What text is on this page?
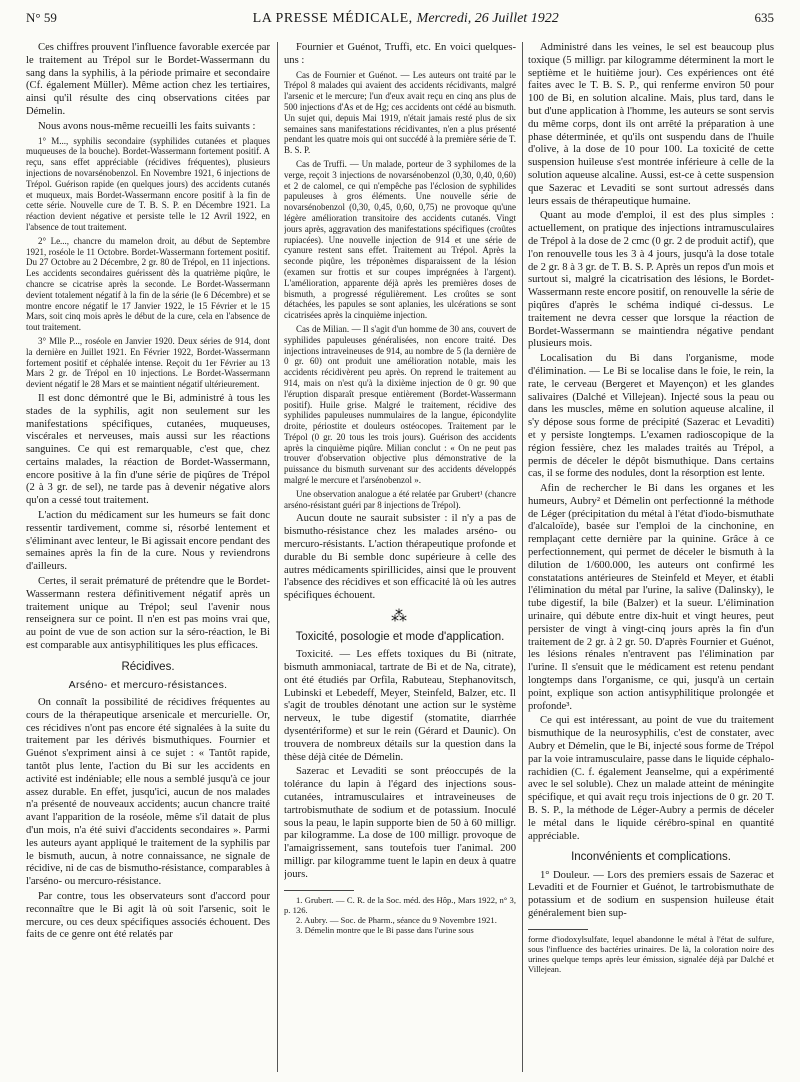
N° 59	LA PRESSE MÉDICALE, Mercredi, 26 Juillet 1922	635

Ces chiffres prouvent l'influence favorable exercée par le traitement au Trépol sur le Bordet-Wassermann du sang dans la syphilis, à la période primaire et secondaire (Cf. également Müller). Même action chez les tertiaires, ainsi qu'il résulte des cinq observations citées par Démelin.

Nous avons nous-même recueilli les faits suivants :

1° M..., syphilis secondaire (syphilides cutanées et plaques muqueuses de la bouche). Bordet-Wassermann fortement positif. A reçu, sans effet appréciable (récidives fréquentes), plusieurs injections de novarsénobenzol. En Novembre 1921, 6 injections de Trépol. Guérison rapide (en quelques jours) des accidents cutanés et muqueux, mais Bordet-Wassermann encore positif à la fin de cette série. Nouvelle cure de T. B. S. P. en Décembre 1921. La réaction devient négative et persiste telle le 12 Avril 1922, en l'absence de tout traitement.

2° Le..., chancre du mamelon droit, au début de Septembre 1921, roséole le 11 Octobre. Bordet-Wassermann fortement positif. Du 27 Octobre au 2 Décembre, 2 gr. 80 de Trépol, en 11 injections. Les accidents secondaires guérissent dès la quatrième piqûre, le chancre se cicatrise après la seconde. Le Bordet-Wassermann devient totalement négatif à la fin de la série (le 6 Décembre) et se montre encore négatif le 17 Janvier 1922, le 15 Février et le 15 Mars, soit cinq mois après le début de la cure, cela en l'absence de tout traitement.

3° Mlle P..., roséole en Janvier 1920. Deux séries de 914, dont la dernière en Juillet 1921. En Février 1922, Bordet-Wassermann fortement positif et céphalée intense. Reçoit du 1er Février au 13 Mars 2 gr. de Trépol en 10 injections. Le Bordet-Wassermann devient négatif le 28 Mars et se maintient négatif ultérieurement.

Il est donc démontré que le Bi, administré à tous les stades de la syphilis, agit non seulement sur les manifestations spécifiques, cutanées, muqueuses, viscérales et nerveuses, mais aussi sur les réactions sanguines. Ce qui est remarquable, c'est que, chez certains malades, la réaction de Bordet-Wassermann, encore positive à la fin d'une série de piqûres de Trépol (2 à 3 gr. de sel), ne tarde pas à devenir négative alors qu'on a cessé tout traitement.

L'action du médicament sur les humeurs se fait donc ressentir tardivement, comme si, résorbé lentement et s'éliminant avec lenteur, le Bi agissait encore pendant des semaines après la fin de la cure. Nous y reviendrons d'ailleurs.

Certes, il serait prématuré de prétendre que le Bordet-Wassermann restera définitivement négatif après un traitement unique au Trépol; seul l'avenir nous renseignera sur ce point. Il n'en est pas moins vrai que, au point de vue de son action sur la séro-réaction, le Bi est comparable aux antisyphilitiques les plus efficaces.

Récidives.
Arséno- et mercuro-résistances.

On connaît la possibilité de récidives fréquentes au cours de la thérapeutique arsenicale et mercurielle. Or, ces récidives n'ont pas encore été signalées à la suite du traitement par les dérivés bismuthiques. Fournier et Guénot s'expriment ainsi à ce sujet : « Tantôt rapide, tantôt plus lente, l'action du Bi sur les accidents en activité est indéniable; elle nous a semblé jusqu'à ce jour assez durable. En effet, jusqu'ici, aucun de nos malades n'a présenté de nouveaux accidents; aucun chancre traité avant l'apparition de la roséole, même s'il datait de plus d'un mois, n'a été suivi d'accidents secondaires ». Parmi les auteurs ayant appliqué le traitement de la syphilis par le bismuth, aucun, à notre connaissance, ne signale de récidive, ni de cas de bismutho-résistance, comparables à l'arséno- ou mercuro-résistance.

Par contre, tous les observateurs sont d'accord pour reconnaître que le Bi agit là où soit l'arsenic, soit le mercure, ou ces deux spécifiques associés échouent. Des faits de ce genre ont été relatés par

Fournier et Guénot, Truffi, etc. En voici quelques-uns :

Cas de Fournier et Guénot. — Les auteurs ont traité par le Trépol 8 malades qui avaient des accidents récidivants, malgré l'arsenic et le mercure; l'un d'eux avait reçu en cinq ans plus de 500 injections d'As et de Hg; ces accidents ont cédé au bismuth. Un sujet qui, depuis Mai 1919, n'était jamais resté plus de six semaines sans manifestations récidivantes, n'en a plus présenté pendant les quatre mois qui ont succédé à la première série de T. B. S. P.

Cas de Truffi. — Un malade, porteur de 3 syphilomes de la verge, reçoit 3 injections de novarsénobenzol (0,30, 0,40, 0,60) et 2 de calomel, ce qui n'empêche pas l'éclosion de syphilides papuleuses à gros éléments. Une nouvelle série de novarsénobenzol (0,30, 0,45, 0,60, 0,75) ne provoque qu'une légère amélioration transitoire des accidents cutanés. Vingt jours après, aggravation des manifestations spécifiques (croûtes rupiacées). Une nouvelle injection de 914 et une série de cyanure restent sans effet. Traitement au Trépol. Après la seconde piqûre, les tréponèmes disparaissent de la lésion (examen sur frottis et sur coupes imprégnées à l'argent). L'amélioration, apparente déjà après les premières doses de bismuth, a progressé régulièrement. Les croûtes se sont détachées, les papules se sont aplanies, les ulcérations se sont cicatrisées après la cinquième injection.

Cas de Milian. — Il s'agit d'un homme de 30 ans, couvert de syphilides papuleuses généralisées, non encore traité. Des injections intraveineuses de 914, au nombre de 5 (la dernière de 0 gr. 60) ont produit une amélioration notable, mais les accidents récidivèrent peu après. On reprend le traitement au 914, mais on n'est qu'à la dixième injection de 0 gr. 90 que l'éruption disparaît presque entièrement (Bordet-Wassermann positif). Huile grise. Malgré le traitement, récidive des syphilides papuleuses nummulaires de la langue, épicondylite droite, périostite et douleurs ostéocopes. Traitement par le Trépol (0 gr. 20 tous les trois jours). Guérison des accidents après la cinquième piqûre. Milian conclut : « On ne peut pas trouver d'observation objective plus démonstrative de la puissance du bismuth survenant sur des accidents développés malgré le mercure et l'arsénobenzol ».

Une observation analogue a été relatée par Grubert¹ (chancre arséno-résistant guéri par 8 injections de Trépol).

Aucun doute ne saurait subsister : il n'y a pas de bismutho-résistance chez les malades arséno- ou mercuro-résistants. L'action thérapeutique profonde et durable du Bi semble donc supérieure à celle des autres médicaments spirillicides, ainsi que le prouvent l'absence des récidives et son efficacité là où les autres spécifiques échouent.

⁂
Toxicité, posologie et mode d'application.

Toxicité. — Les effets toxiques du Bi (nitrate, bismuth ammoniacal, tartrate de Bi et de Na, citrate), ont été étudiés par Orfila, Rabuteau, Stephanovitsch, Lubinski et Lebedeff, Meyer, Steinfeld, Balzer, etc. Il s'agit de troubles dénotant une action sur le système nerveux, le tube digestif (stomatite, diarrhée dysentériforme) et sur le rein (Gérard et Daunic). On trouvera de nombreux détails sur la question dans la thèse déjà citée de Démelin.

Sazerac et Levaditi se sont préoccupés de la tolérance du lapin à l'égard des injections sous-cutanées, intramusculaires et intraveineuses de tartrobismuthate de sodium et de potassium. Inoculé sous la peau, le lapin supporte bien de 50 à 60 milligr. par kilogramme. La dose de 100 milligr. provoque de l'amaigrissement, sans toutefois tuer l'animal. 200 milligr. par kilogramme tuent le lapin en deux à quatre jours.

1. Grubert. — C. R. de la Soc. méd. des Hôp., Mars 1922, n° 3, p. 126.

2. Aubry. — Soc. de Pharm., séance du 9 Novembre 1921.

3. Démelin montre que le Bi passe dans l'urine sous

Administré dans les veines, le sel est beaucoup plus toxique (5 milligr. par kilogramme déterminent la mort le septième et le huitième jour). Ces expériences ont été faites avec le T. B. S. P., qui renferme environ 50 pour 100 de Bi, en solution alcaline. Mais, plus tard, dans le but d'une application à l'homme, les auteurs se sont servis du même corps, dont ils ont arrêté la préparation à une phase déterminée, et qu'ils ont suspendu dans de l'huile d'olive, à la dose de 10 pour 100. La toxicité de cette suspension huileuse s'est montrée inférieure à celle de la solution aqueuse alcaline. Aussi, est-ce à cette suspension que Sazerac et Levaditi se sont surtout adressés dans leurs essais de thérapeutique humaine.

Quant au mode d'emploi, il est des plus simples : actuellement, on pratique des injections intramusculaires de Trépol à la dose de 2 cmc (0 gr. 2 de produit actif), que l'on renouvelle tous les 3 à 4 jours, jusqu'à la dose totale de 2 gr. 8 à 3 gr. de T. B. S. P. Après un repos d'un mois et surtout si, malgré la cicatrisation des lésions, le Bordet-Wassermann reste encore positif, on renouvelle la série de piqûres d'après le schéma indiqué ci-dessus. Le traitement ne devra cesser que lorsque la réaction de Bordet-Wassermann se maintiendra négative pendant plusieurs mois.

Localisation du Bi dans l'organisme, mode d'élimination. — Le Bi se localise dans le foie, le rein, la rate, le cerveau (Bergeret et Mayençon) et les glandes salivaires (Dalché et Villejean). Injecté sous la peau ou dans les muscles, même en solution aqueuse alcaline, il s'y dépose sous forme de précipité (Sazerac et Levaditi) et y persiste longtemps. L'examen radioscopique de la région fessière, chez les malades traités au Trépol, a permis de déceler le dépôt bismuthique. Dans certains cas, il se forme des nodules, dont la résorption est lente.

Afin de rechercher le Bi dans les organes et les humeurs, Aubry² et Démelin ont perfectionné la méthode de Léger (précipitation du métal à l'état d'iodo-bismuthate d'alcaloïde), basée sur l'emploi de la cinchonine, en remplaçant cette dernière par la quinine. Grâce à ce perfectionnement, qui permet de déceler le bismuth à la dilution de 1/600.000, les auteurs ont confirmé les constatations antérieures de Steinfeld et Meyer, et établi l'élimination du métal par l'urine, la salive (Dalinsky), le tube digestif, la bile (Balzer) et la sueur. L'élimination urinaire, qui débute entre dix-huit et vingt heures, peut persister de vingt à vingt-cinq jours après la fin d'un traitement de 2 gr. à 2 gr. 50. D'après Fournier et Guénot, les lésions rénales n'entravent pas l'élimination par l'urine. Il s'ensuit que le médicament est retenu pendant longtemps dans l'organisme, ce qui, jusqu'à un certain point, explique son action antisyphilitique prolongée et profonde³.

Ce qui est intéressant, au point de vue du traitement bismuthique de la neurosyphilis, c'est de constater, avec Aubry et Démelin, que le Bi, injecté sous forme de Trépol par la voie intramusculaire, passe dans le liquide céphalo-rachidien (C. f. également Jeanselme, qui a expérimenté avec le sel soluble). Chez un malade atteint de méningite spécifique, et qui avait reçu trois injections de 0 gr. 20 T. B. S. P., la méthode de Léger-Aubry a permis de déceler le métal dans le liquide cérébro-spinal en quantité appréciable.

Inconvénients et complications.

1° Douleur. — Lors des premiers essais de Sazerac et Levaditi et de Fournier et Guénot, le tartrobismuthate de potassium et de sodium en suspension huileuse était généralement bien sup-

forme d'iodoxylsulfate, lequel abandonne le métal à l'état de sulfure, sous l'influence des bactéries urinaires. De là, la coloration noire des urines quelque temps après leur émission, signalée déjà par Dalché et Villejean.
